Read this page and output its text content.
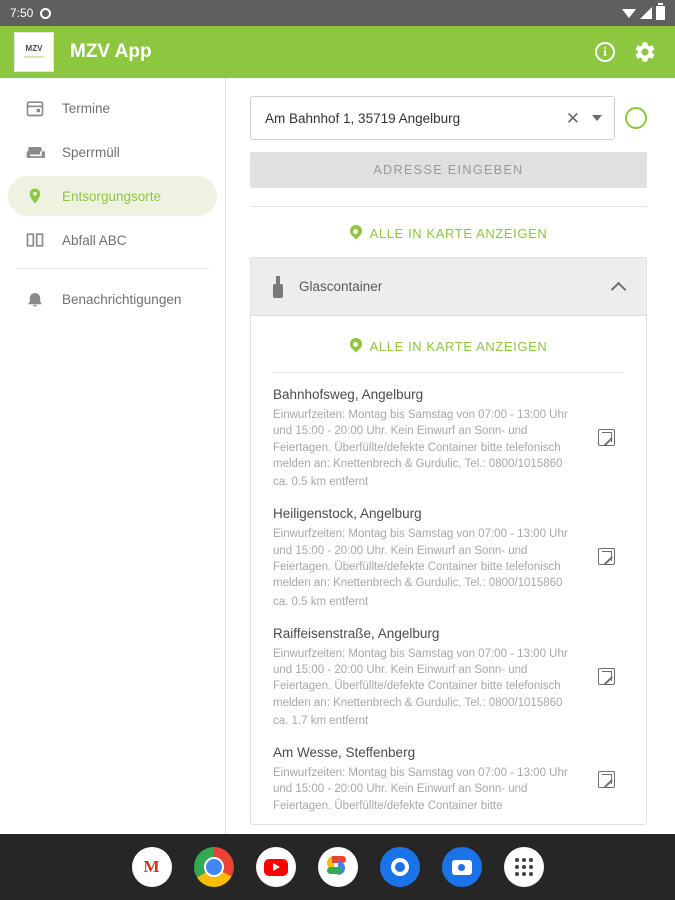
7:50
MZV
mittelhessen MZV App	i
Termine
Sperrmüll
Entsorgungsorte
Abfall ABC
Benachrichtigungen
Am Bahnhof 1, 35719 Angelburg	✕
ADRESSE EINGEBEN
ALLE IN KARTE ANZEIGEN
Glascontainer
ALLE IN KARTE ANZEIGEN
Bahnhofsweg, Angelburg
Einwurfzeiten: Montag bis Samstag von 07:00 - 13:00 Uhr und 15:00 - 20:00 Uhr. Kein Einwurf an Sonn- und Feiertagen. Überfüllte/defekte Container bitte telefonisch melden an: Knettenbrech & Gurdulic, Tel.: 0800/1015860
ca. 0.5 km entfernt
Heiligenstock, Angelburg
Einwurfzeiten: Montag bis Samstag von 07:00 - 13:00 Uhr und 15:00 - 20:00 Uhr. Kein Einwurf an Sonn- und Feiertagen. Überfüllte/defekte Container bitte telefonisch melden an: Knettenbrech & Gurdulic, Tel.: 0800/1015860
ca. 0.5 km entfernt
Raiffeisenstraße, Angelburg
Einwurfzeiten: Montag bis Samstag von 07:00 - 13:00 Uhr und 15:00 - 20:00 Uhr. Kein Einwurf an Sonn- und Feiertagen. Überfüllte/defekte Container bitte telefonisch melden an: Knettenbrech & Gurdulic, Tel.: 0800/1015860
ca. 1.7 km entfernt
Am Wesse, Steffenberg
Einwurfzeiten: Montag bis Samstag von 07:00 - 13:00 Uhr und 15:00 - 20:00 Uhr. Kein Einwurf an Sonn- und Feiertagen. Überfüllte/defekte Container bitte
M
